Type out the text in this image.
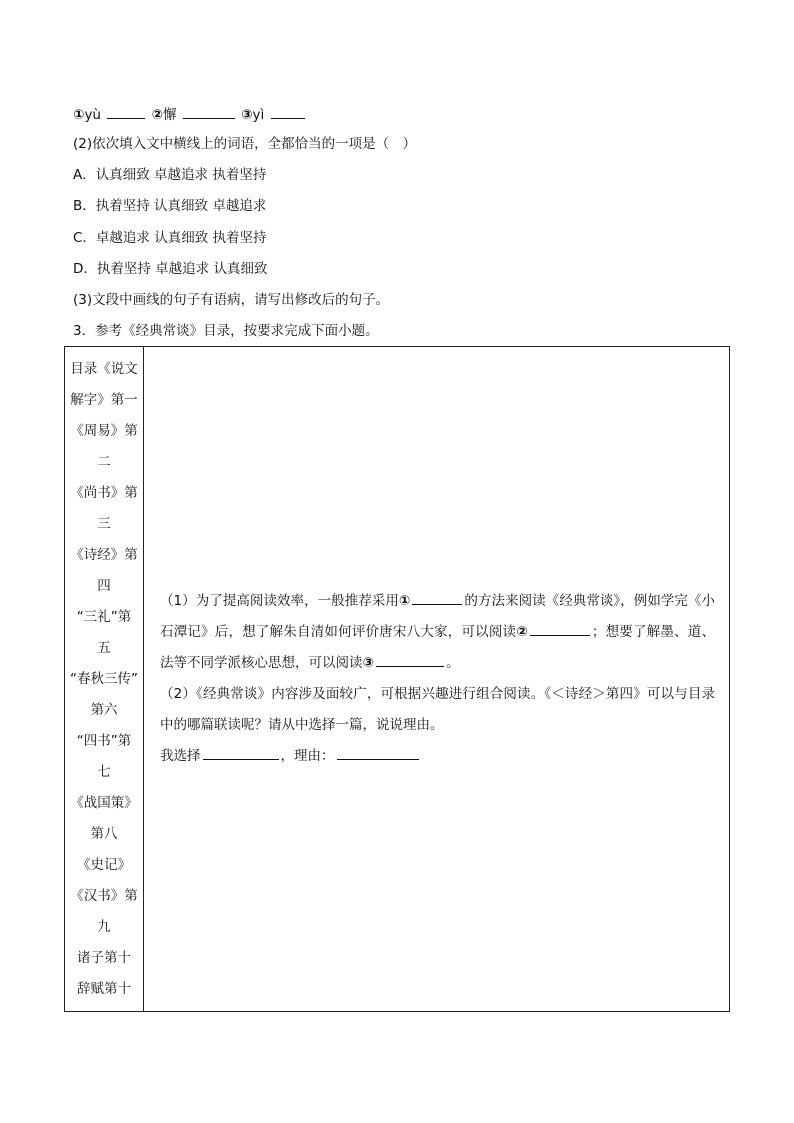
①yù	②懈	③yì
(2)依次填入文中横线上的词语，全都恰当的一项是（　）
A．认真细致 卓越追求 执着坚持
B．执着坚持 认真细致 卓越追求
C．卓越追求 认真细致 执着坚持
D．执着坚持 卓越追求 认真细致
(3)文段中画线的句子有语病，请写出修改后的句子。
3．参考《经典常谈》目录，按要求完成下面小题。
目录《说文
解字》第一
《周易》第
二
《尚书》第
三
《诗经》第
四
“三礼”第
五
“春秋三传”
第六
“四书”第
七
《战国策》
第八
《史记》
《汉书》第
九
诸子第十
辞赋第十

（1）为了提高阅读效率，一般推荐采用①	的方法来阅读《经典常谈》，例如学完《小石潭记》后，想了解朱自清如何评价唐宋八大家，可以阅读②	；想要了解墨、道、法等不同学派核心思想，可以阅读③	。
（2）《经典常谈》内容涉及面较广，可根据兴趣进行组合阅读。《＜诗经＞第四》可以与目录中的哪篇联读呢？请从中选择一篇，说说理由。
我选择	，理由：
